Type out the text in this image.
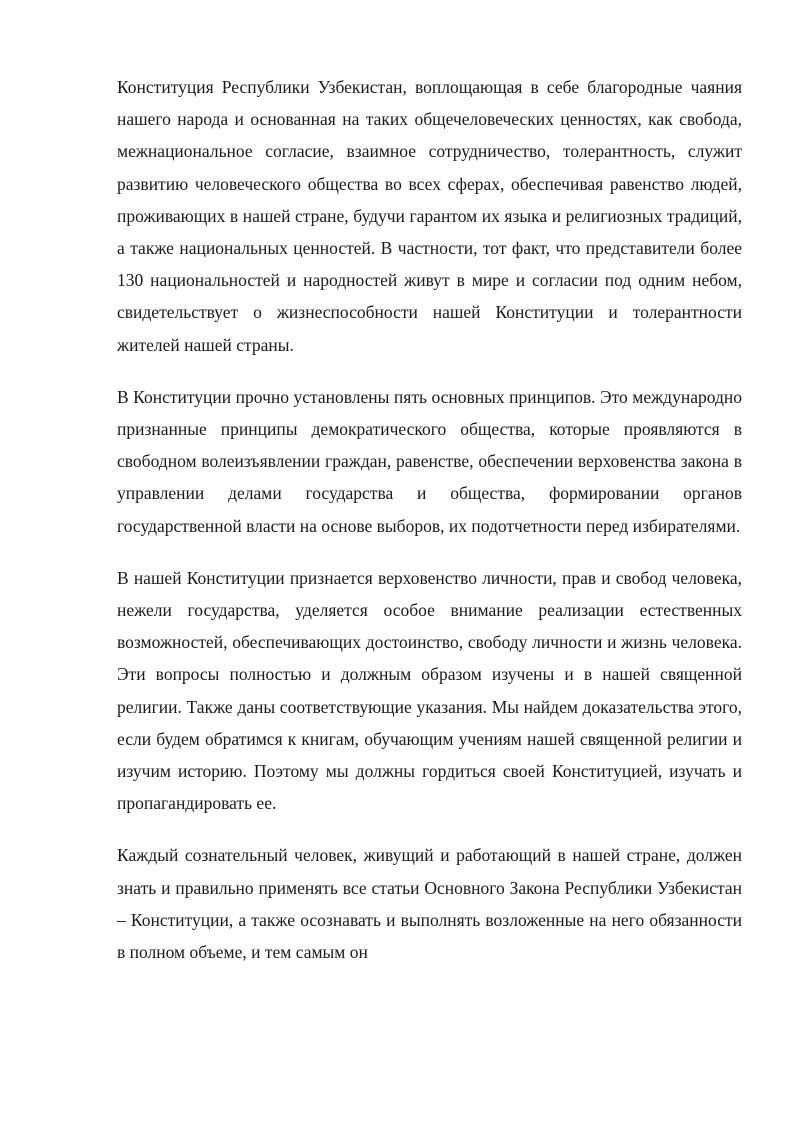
Конституция Республики Узбекистан, воплощающая в себе благородные чаяния нашего народа и основанная на таких общечеловеческих ценностях, как свобода, межнациональное согласие, взаимное сотрудничество, толерантность, служит развитию человеческого общества во всех сферах, обеспечивая равенство людей, проживающих в нашей стране, будучи гарантом их языка и религиозных традиций, а также национальных ценностей. В частности, тот факт, что представители более 130 национальностей и народностей живут в мире и согласии под одним небом, свидетельствует о жизнеспособности нашей Конституции и толерантности жителей нашей страны.

В Конституции прочно установлены пять основных принципов. Это международно признанные принципы демократического общества, которые проявляются в свободном волеизъявлении граждан, равенстве, обеспечении верховенства закона в управлении делами государства и общества, формировании органов государственной власти на основе выборов, их подотчетности перед избирателями.

В нашей Конституции признается верховенство личности, прав и свобод человека, нежели государства, уделяется особое внимание реализации естественных возможностей, обеспечивающих достоинство, свободу личности и жизнь человека. Эти вопросы полностью и должным образом изучены и в нашей священной религии. Также даны соответствующие указания. Мы найдем доказательства этого, если будем обратимся к книгам, обучающим учениям нашей священной религии и изучим историю. Поэтому мы должны гордиться своей Конституцией, изучать и пропагандировать ее.

Каждый сознательный человек, живущий и работающий в нашей стране, должен знать и правильно применять все статьи Основного Закона Республики Узбекистан – Конституции, а также осознавать и выполнять возложенные на него обязанности в полном объеме, и тем самым он
